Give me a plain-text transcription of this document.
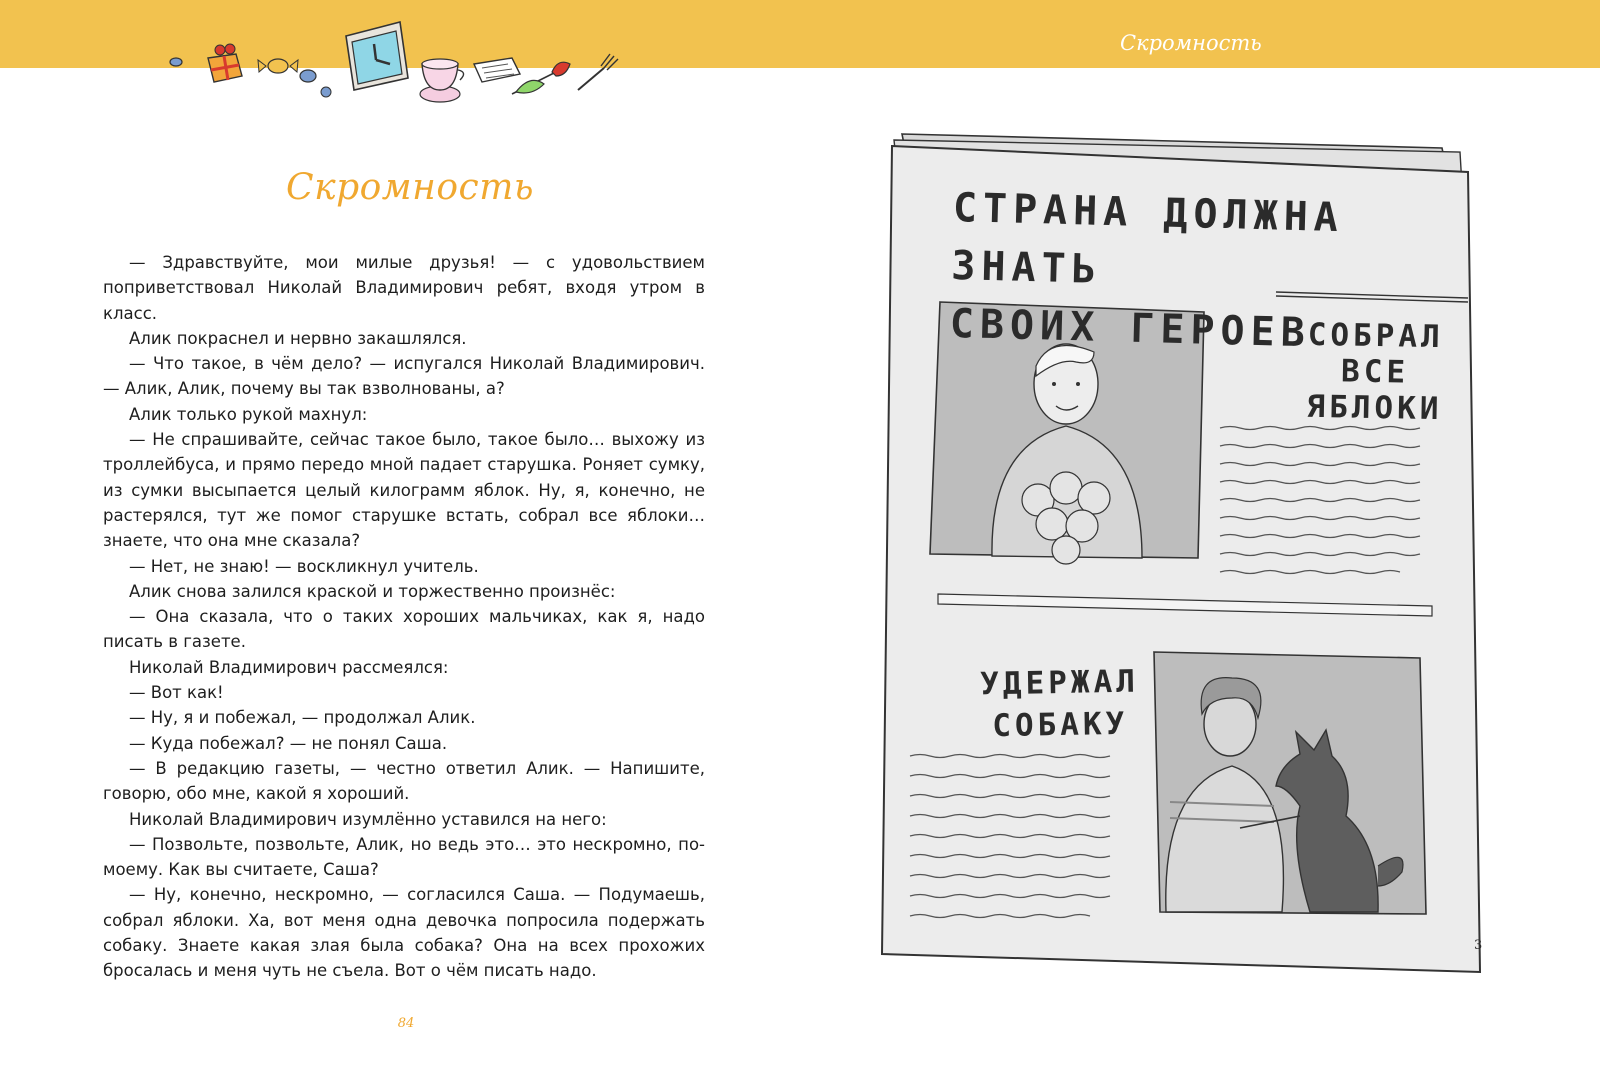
Скромность
Скромность

— Здравствуйте, мои милые друзья! — с удовольствием поприветствовал Николай Владимирович ребят, входя утром в класс.

Алик покраснел и нервно закашлялся.

— Что такое, в чём дело? — испугался Николай Владимирович. — Алик, Алик, почему вы так взволнованы, а?

Алик только рукой махнул:

— Не спрашивайте, сейчас такое было, такое было… выхожу из троллейбуса, и прямо передо мной падает старушка. Роняет сумку, из сумки высыпается целый килограмм яблок. Ну, я, конечно, не растерялся, тут же помог старушке встать, собрал все яблоки… знаете, что она мне сказала?

— Нет, не знаю! — воскликнул учитель.

Алик снова залился краской и торжественно произнёс:

— Она сказала, что о таких хороших мальчиках, как я, надо писать в газете.

Николай Владимирович рассмеялся:

— Вот как!

— Ну, я и побежал, — продолжал Алик.

— Куда побежал? — не понял Саша.

— В редакцию газеты, — честно ответил Алик. — Напишите, говорю, обо мне, какой я хороший.

Николай Владимирович изумлённо уставился на него:

— Позвольте, позвольте, Алик, но ведь это… это нескромно, по-моему. Как вы считаете, Саша?

— Ну, конечно, нескромно, — согласился Саша. — Подумаешь, собрал яблоки. Ха, вот меня одна девочка попросила подержать собаку. Знаете какая злая была собака? Она на всех прохожих бросалась и меня чуть не съела. Вот о чём писать надо.

84
СТРАНА ДОЛЖНА ЗНАТЬ
СВОИХ ГЕРОЕВ
СОБРАЛ ВСЕ ЯБЛОКИ
УДЕРЖАЛ СОБАКУ
3
